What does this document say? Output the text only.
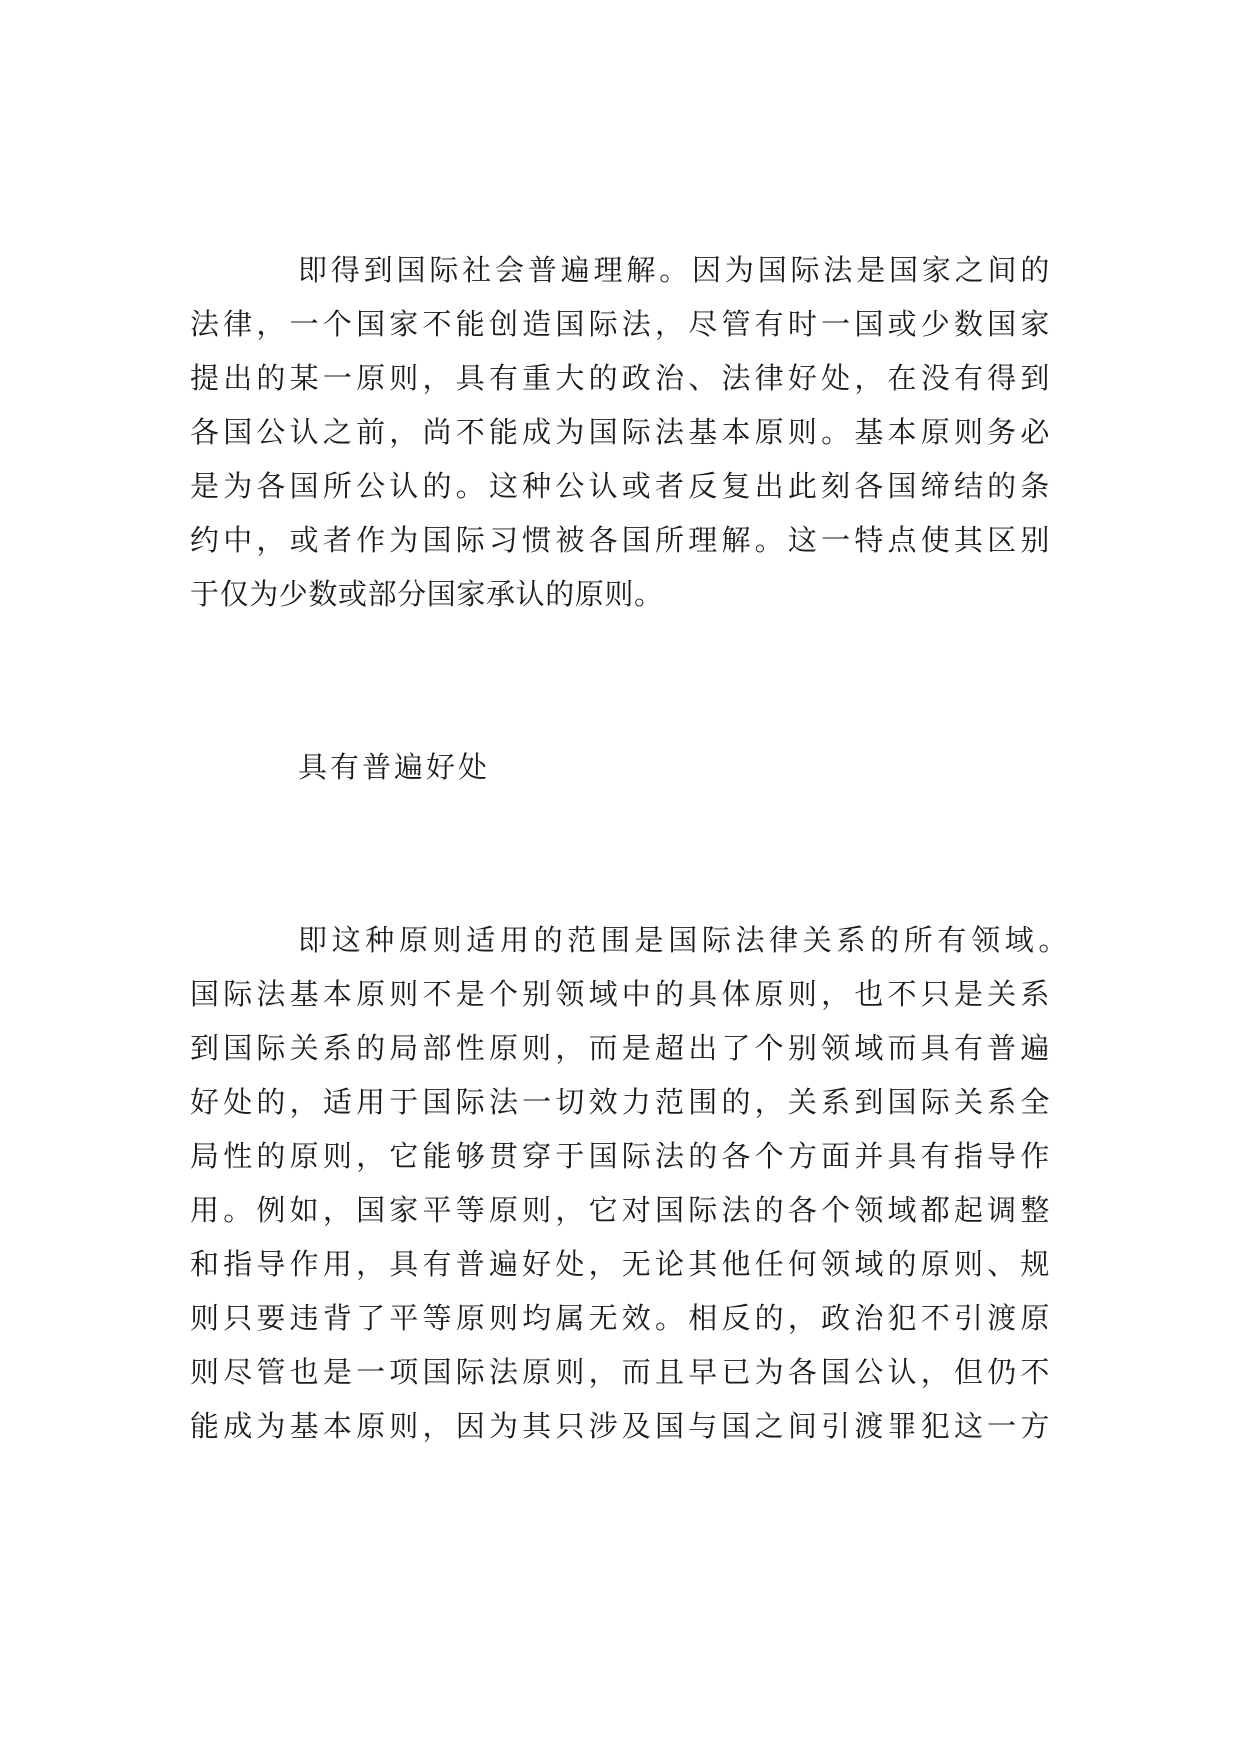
即得到国际社会普遍理解。因为国际法是国家之间的
法律，一个国家不能创造国际法，尽管有时一国或少数国家
提出的某一原则，具有重大的政治、法律好处，在没有得到
各国公认之前，尚不能成为国际法基本原则。基本原则务必
是为各国所公认的。这种公认或者反复出此刻各国缔结的条
约中，或者作为国际习惯被各国所理解。这一特点使其区别
于仅为少数或部分国家承认的原则。
具有普遍好处
即这种原则适用的范围是国际法律关系的所有领域。
国际法基本原则不是个别领域中的具体原则，也不只是关系
到国际关系的局部性原则，而是超出了个别领域而具有普遍
好处的，适用于国际法一切效力范围的，关系到国际关系全
局性的原则，它能够贯穿于国际法的各个方面并具有指导作
用。例如，国家平等原则，它对国际法的各个领域都起调整
和指导作用，具有普遍好处，无论其他任何领域的原则、规
则只要违背了平等原则均属无效。相反的，政治犯不引渡原
则尽管也是一项国际法原则，而且早已为各国公认，但仍不
能成为基本原则，因为其只涉及国与国之间引渡罪犯这一方
